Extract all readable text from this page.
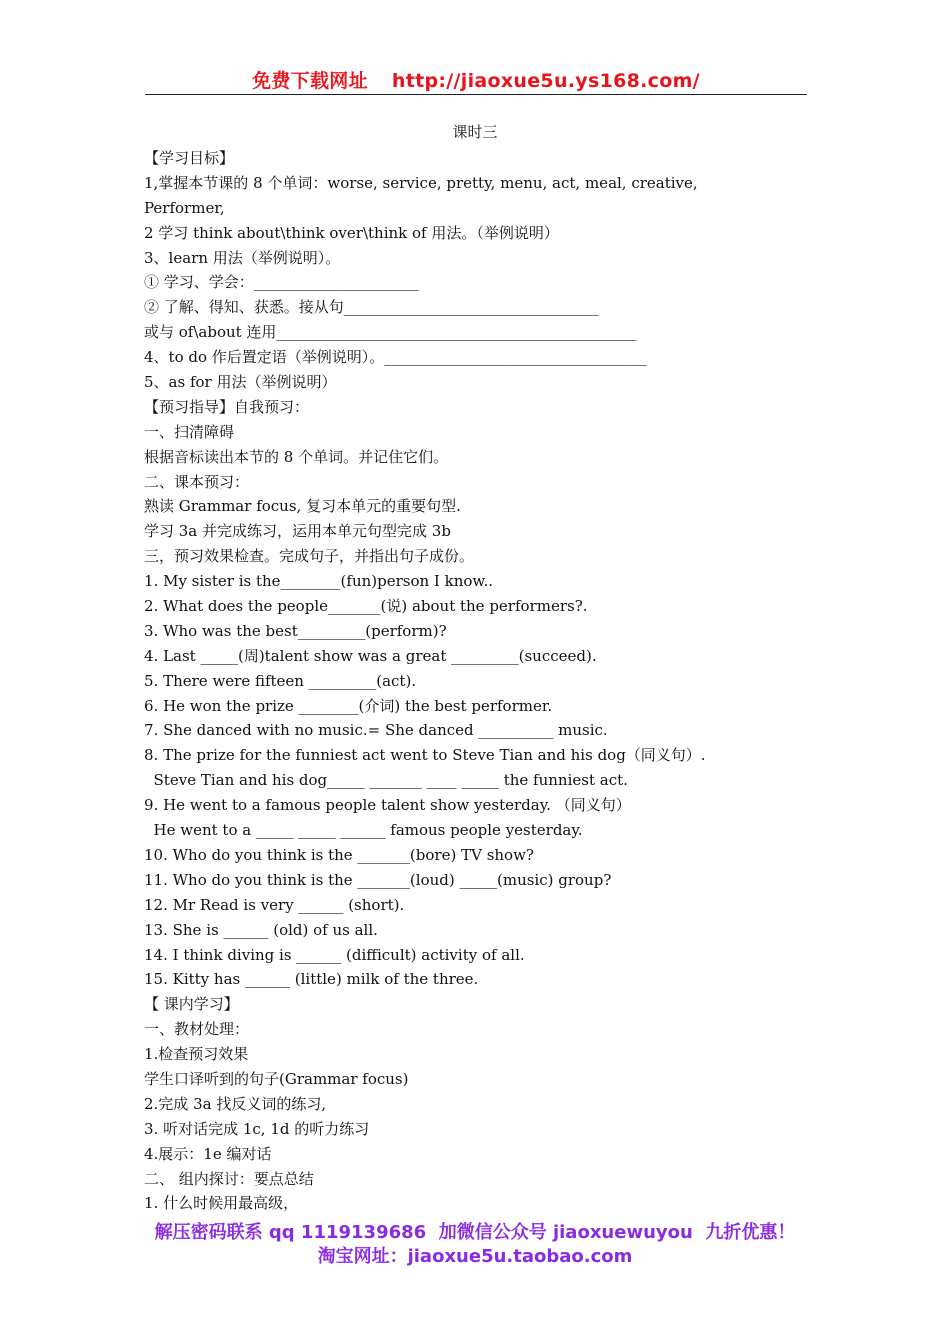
免费下载网址 http://jiaoxue5u.ys168.com/
课时三
【学习目标】
1,掌握本节课的 8 个单词：worse, service, pretty, menu, act, meal, creative,
Performer,
2 学习 think about\think over\think of 用法。（举例说明）
3、learn 用法（举例说明）。
① 学习、学会：______________________
② 了解、得知、获悉。接从句__________________________________
或与 of\about 连用________________________________________________
4、to do 作后置定语（举例说明）。___________________________________
5、as for 用法（举例说明）
【预习指导】自我预习：
一、扫清障碍
根据音标读出本节的 8 个单词。并记住它们。
二、课本预习：
熟读 Grammar focus, 复习本单元的重要句型.
学习 3a 并完成练习，运用本单元句型完成 3b
三，预习效果检查。完成句子，并指出句子成份。
1. My sister is the________(fun)person I know..
2. What does the people_______(说) about the performers?.
3. Who was the best_________(perform)?
4. Last _____(周)talent show was a great _________(succeed).
5. There were fifteen _________(act).
6. He won the prize ________(介词) the best performer.
7. She danced with no music.= She danced __________ music.
8. The prize for the funniest act went to Steve Tian and his dog（同义句）.
Steve Tian and his dog_____ _______ ____ _____ the funniest act.
9. He went to a famous people talent show yesterday. （同义句）
He went to a _____ _____ ______ famous people yesterday.
10. Who do you think is the _______(bore) TV show?
11. Who do you think is the _______(loud) _____(music) group?
12. Mr Read is very ______ (short).
13. She is ______ (old) of us all.
14. I think diving is ______ (difficult) activity of all.
15. Kitty has ______ (little) milk of the three.
【 课内学习】
一、教材处理：
1.检查预习效果
学生口译听到的句子(Grammar focus)
2.完成 3a 找反义词的练习,
3. 听对话完成 1c, 1d 的听力练习
4.展示：1e 编对话
二、 组内探讨：要点总结
1. 什么时候用最高级，
解压密码联系 qq 1119139686  加微信公众号 jiaoxuewuyou  九折优惠！
淘宝网址：jiaoxue5u.taobao.com
